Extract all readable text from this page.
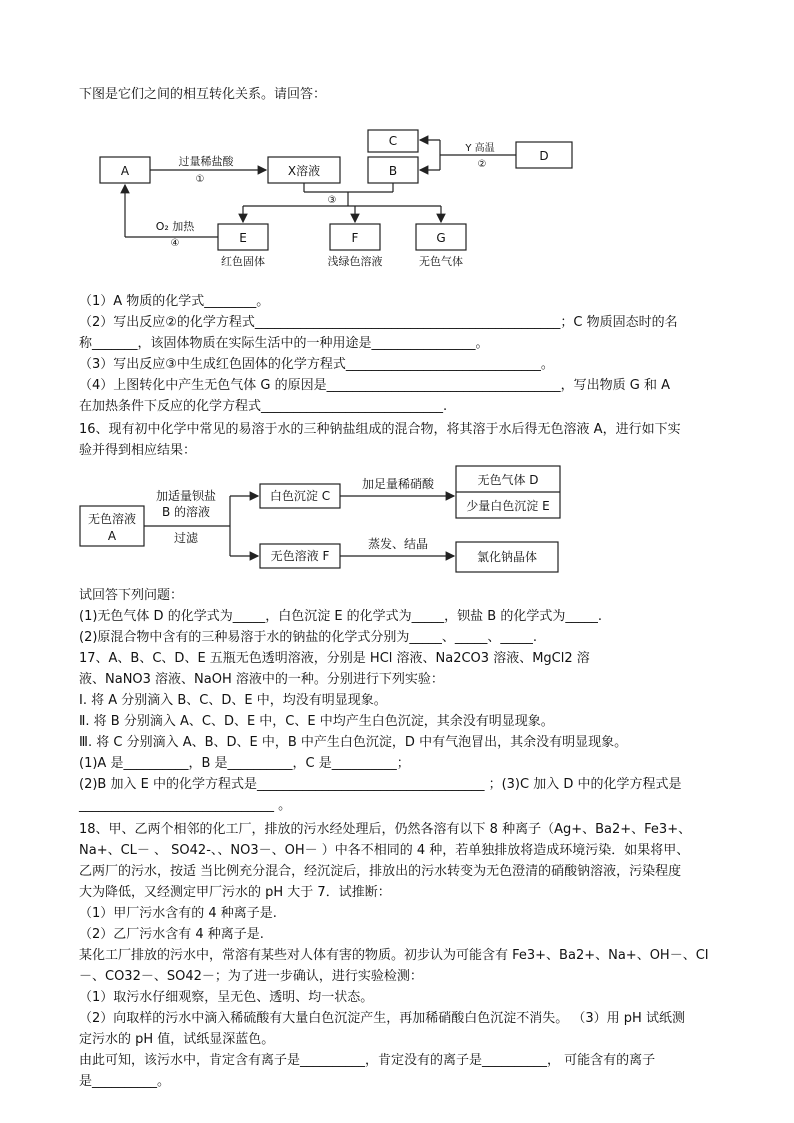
下图是它们之间的相互转化关系。请回答：
A	X溶液	B
C
D
E	F	G
过量稀盐酸
①
Y 高温
②
③
O₂ 加热
④
红色固体	浅绿色溶液	无色气体
（1）A 物质的化学式________。
（2）写出反应②的化学方程式_______________________________________________；C 物质固态时的名
称_______，该固体物质在实际生活中的一种用途是________________。
（3）写出反应③中生成红色固体的化学方程式______________________________。
（4）上图转化中产生无色气体 G 的原因是____________________________________，写出物质 G 和 A
在加热条件下反应的化学方程式____________________________.
16、现有初中化学中常见的易溶于水的三种钠盐组成的混合物，将其溶于水后得无色溶液 A，进行如下实
验并得到相应结果：
无色溶液
A
加适量钡盐
B 的溶液
过滤
白色沉淀 C
加足量稀硝酸	无色气体 D
少量白色沉淀 E
无色溶液 F
蒸发、结晶
氯化钠晶体
试回答下列问题：
(1)无色气体 D 的化学式为_____，白色沉淀 E 的化学式为_____，钡盐 B 的化学式为_____.
(2)原混合物中含有的三种易溶于水的钠盐的化学式分别为_____、_____、_____.
17、A、B、C、D、E 五瓶无色透明溶液，分别是 HCl 溶液、Na2CO3 溶液、MgCl2 溶
液、NaNO3 溶液、NaOH 溶液中的一种。分别进行下列实验：
Ⅰ. 将 A 分别滴入 B、C、D、E 中，均没有明显现象。
Ⅱ. 将 B 分别滴入 A、C、D、E 中，C、E 中均产生白色沉淀，其余没有明显现象。
Ⅲ. 将 C 分别滴入 A、B、D、E 中，B 中产生白色沉淀，D 中有气泡冒出，其余没有明显现象。
(1)A 是__________，B 是__________，C 是__________；
(2)B 加入 E 中的化学方程式是___________________________________ ；(3)C 加入 D 中的化学方程式是
______________________________ 。
18、甲、乙两个相邻的化工厂，排放的污水经处理后，仍然各溶有以下 8 种离子（Ag+、Ba2+、Fe3+、
Na+、CL－ 、 SO42-、、NO3－、OH－ ）中各不相同的 4 种，若单独排放将造成环境污染．如果将甲、
乙两厂的污水，按适 当比例充分混合，经沉淀后，排放出的污水转变为无色澄清的硝酸钠溶液，污染程度
大为降低，又经测定甲厂污水的 pH 大于 7．试推断：
（1）甲厂污水含有的 4 种离子是.
（2）乙厂污水含有 4 种离子是.
某化工厂排放的污水中，常溶有某些对人体有害的物质。初步认为可能含有 Fe3+、Ba2+、Na+、OH－、CI
－、CO32－、SO42－；为了进一步确认，进行实验检测：
（1）取污水仔细观察，呈无色、透明、均一状态。
（2）向取样的污水中滴入稀硫酸有大量白色沉淀产生，再加稀硝酸白色沉淀不消失。 （3）用 pH 试纸测
定污水的 pH 值，试纸显深蓝色。
由此可知，该污水中，肯定含有离子是__________，肯定没有的离子是__________， 可能含有的离子
是__________。
